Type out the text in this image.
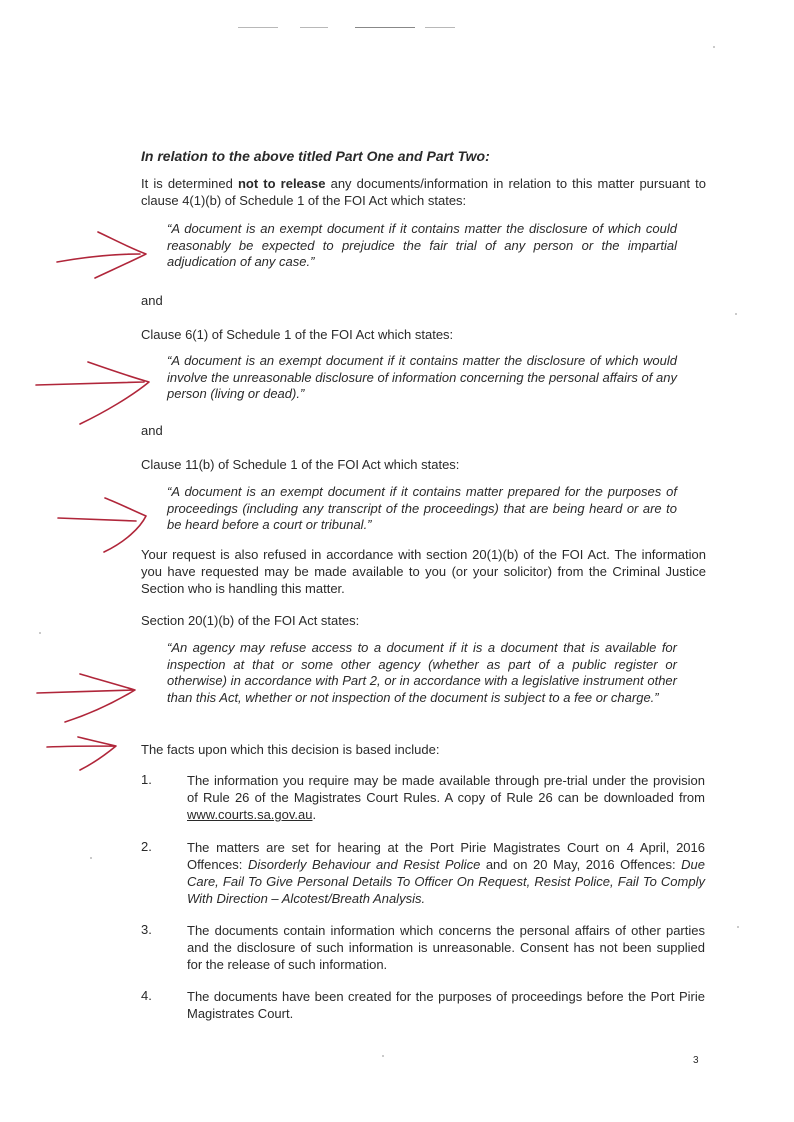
In relation to the above titled Part One and Part Two:

It is determined not to release any documents/information in relation to this matter pursuant to clause 4(1)(b) of Schedule 1 of the FOI Act which states:

“A document is an exempt document if it contains matter the disclosure of which could reasonably be expected to prejudice the fair trial of any person or the impartial adjudication of any case.”

and

Clause 6(1) of Schedule 1 of the FOI Act which states:

“A document is an exempt document if it contains matter the disclosure of which would involve the unreasonable disclosure of information concerning the personal affairs of any person (living or dead).”

and

Clause 11(b) of Schedule 1 of the FOI Act which states:

“A document is an exempt document if it contains matter prepared for the purposes of proceedings (including any transcript of the proceedings) that are being heard or are to be heard before a court or tribunal.”

Your request is also refused in accordance with section 20(1)(b) of the FOI Act. The information you have requested may be made available to you (or your solicitor) from the Criminal Justice Section who is handling this matter.

Section 20(1)(b) of the FOI Act states:

“An agency may refuse access to a document if it is a document that is available for inspection at that or some other agency (whether as part of a public register or otherwise) in accordance with Part 2, or in accordance with a legislative instrument other than this Act, whether or not inspection of the document is subject to a fee or charge.”

The facts upon which this decision is based include:

1.	The information you require may be made available through pre-trial under the provision of Rule 26 of the Magistrates Court Rules. A copy of Rule 26 can be downloaded from www.courts.sa.gov.au.

2.	The matters are set for hearing at the Port Pirie Magistrates Court on 4 April, 2016 Offences: Disorderly Behaviour and Resist Police and on 20 May, 2016 Offences: Due Care, Fail To Give Personal Details To Officer On Request, Resist Police, Fail To Comply With Direction – Alcotest/Breath Analysis.

3.	The documents contain information which concerns the personal affairs of other parties and the disclosure of such information is unreasonable. Consent has not been supplied for the release of such information.

4.	The documents have been created for the purposes of proceedings before the Port Pirie Magistrates Court.

3
